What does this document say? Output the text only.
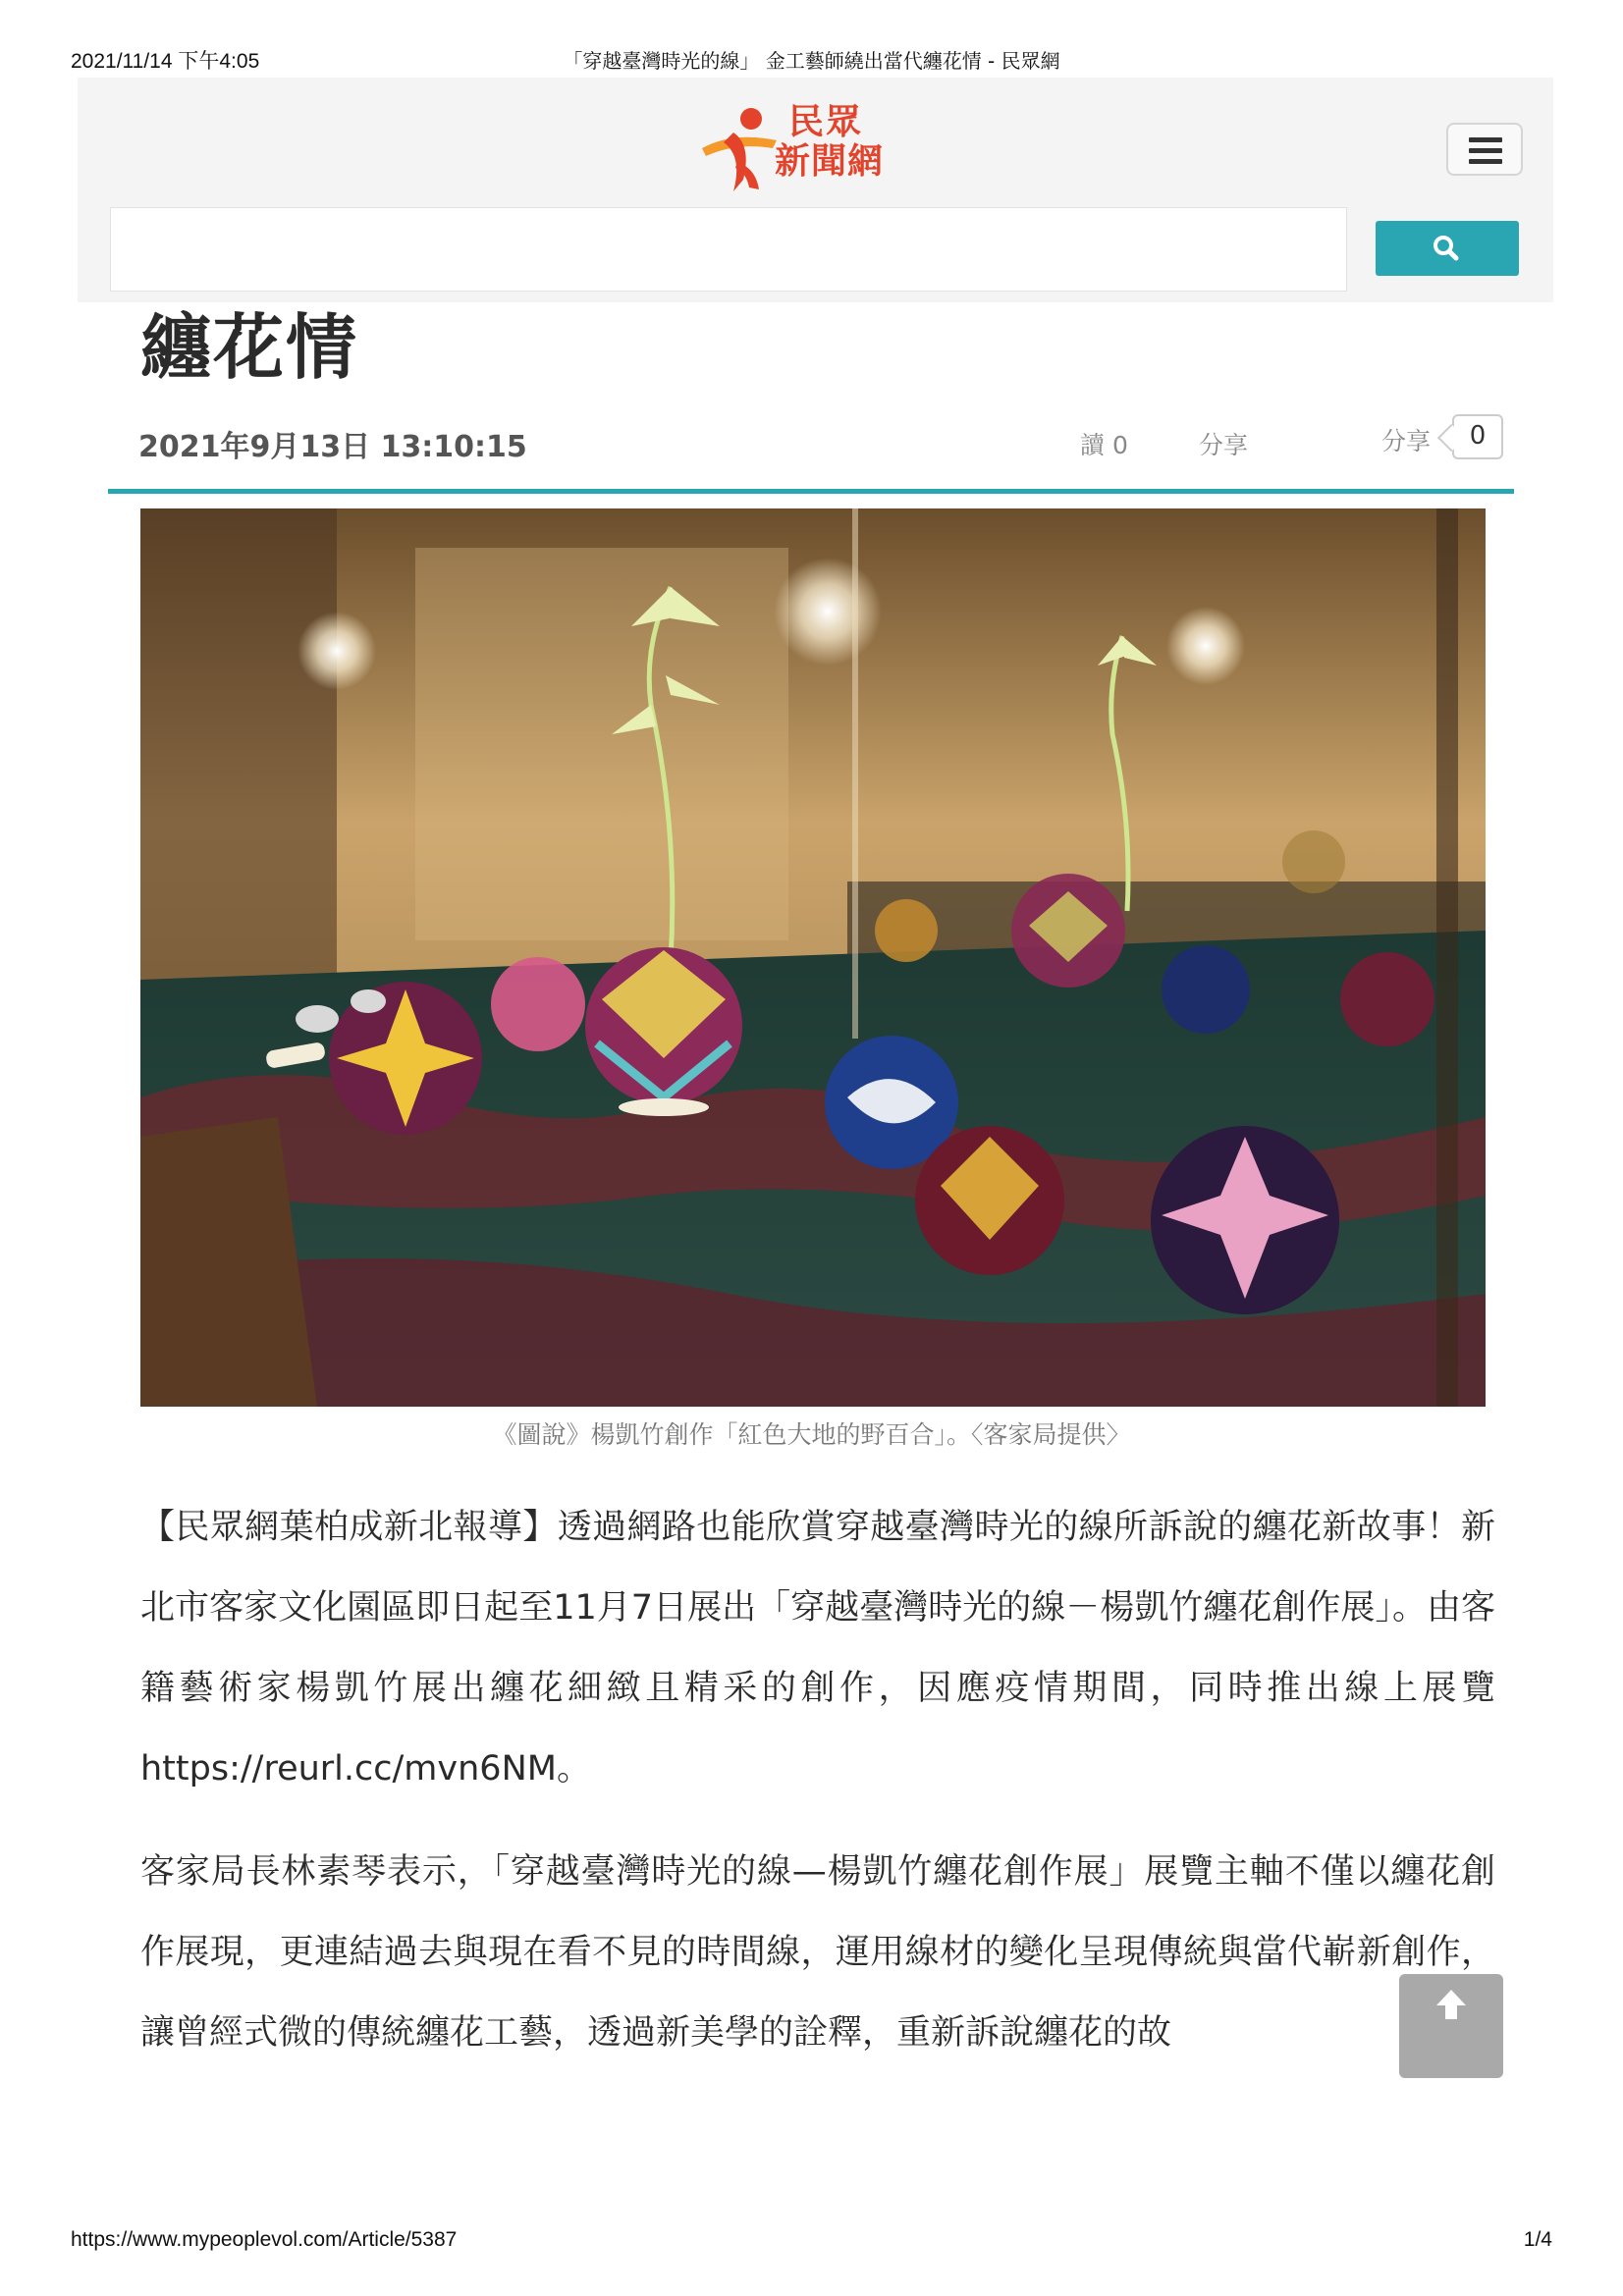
2021/11/14 下午4:05	「穿越臺灣時光的線」 金工藝師繞出當代纏花情 - 民眾網
民眾
新聞網
纏花情
2021年9月13日 13:10:15	讀 0	分享	分享	0
《圖說》楊凱竹創作「紅色大地的野百合」。〈客家局提供〉

【民眾網葉柏成新北報導】透過網路也能欣賞穿越臺灣時光的線所訴說的纏花新故事！新北市客家文化園區即日起至11月7日展出「穿越臺灣時光的線－楊凱竹纏花創作展」。由客籍藝術家楊凱竹展出纏花細緻且精采的創作，因應疫情期間，同時推出線上展覽 https://reurl.cc/mvn6NM。

客家局長林素琴表示，「穿越臺灣時光的線—楊凱竹纏花創作展」展覽主軸不僅以纏花創作展現，更連結過去與現在看不見的時間線，運用線材的變化呈現傳統與當代嶄新創作，讓曾經式微的傳統纏花工藝，透過新美學的詮釋，重新訴說纏花的故

https://www.mypeoplevol.com/Article/5387	1/4
